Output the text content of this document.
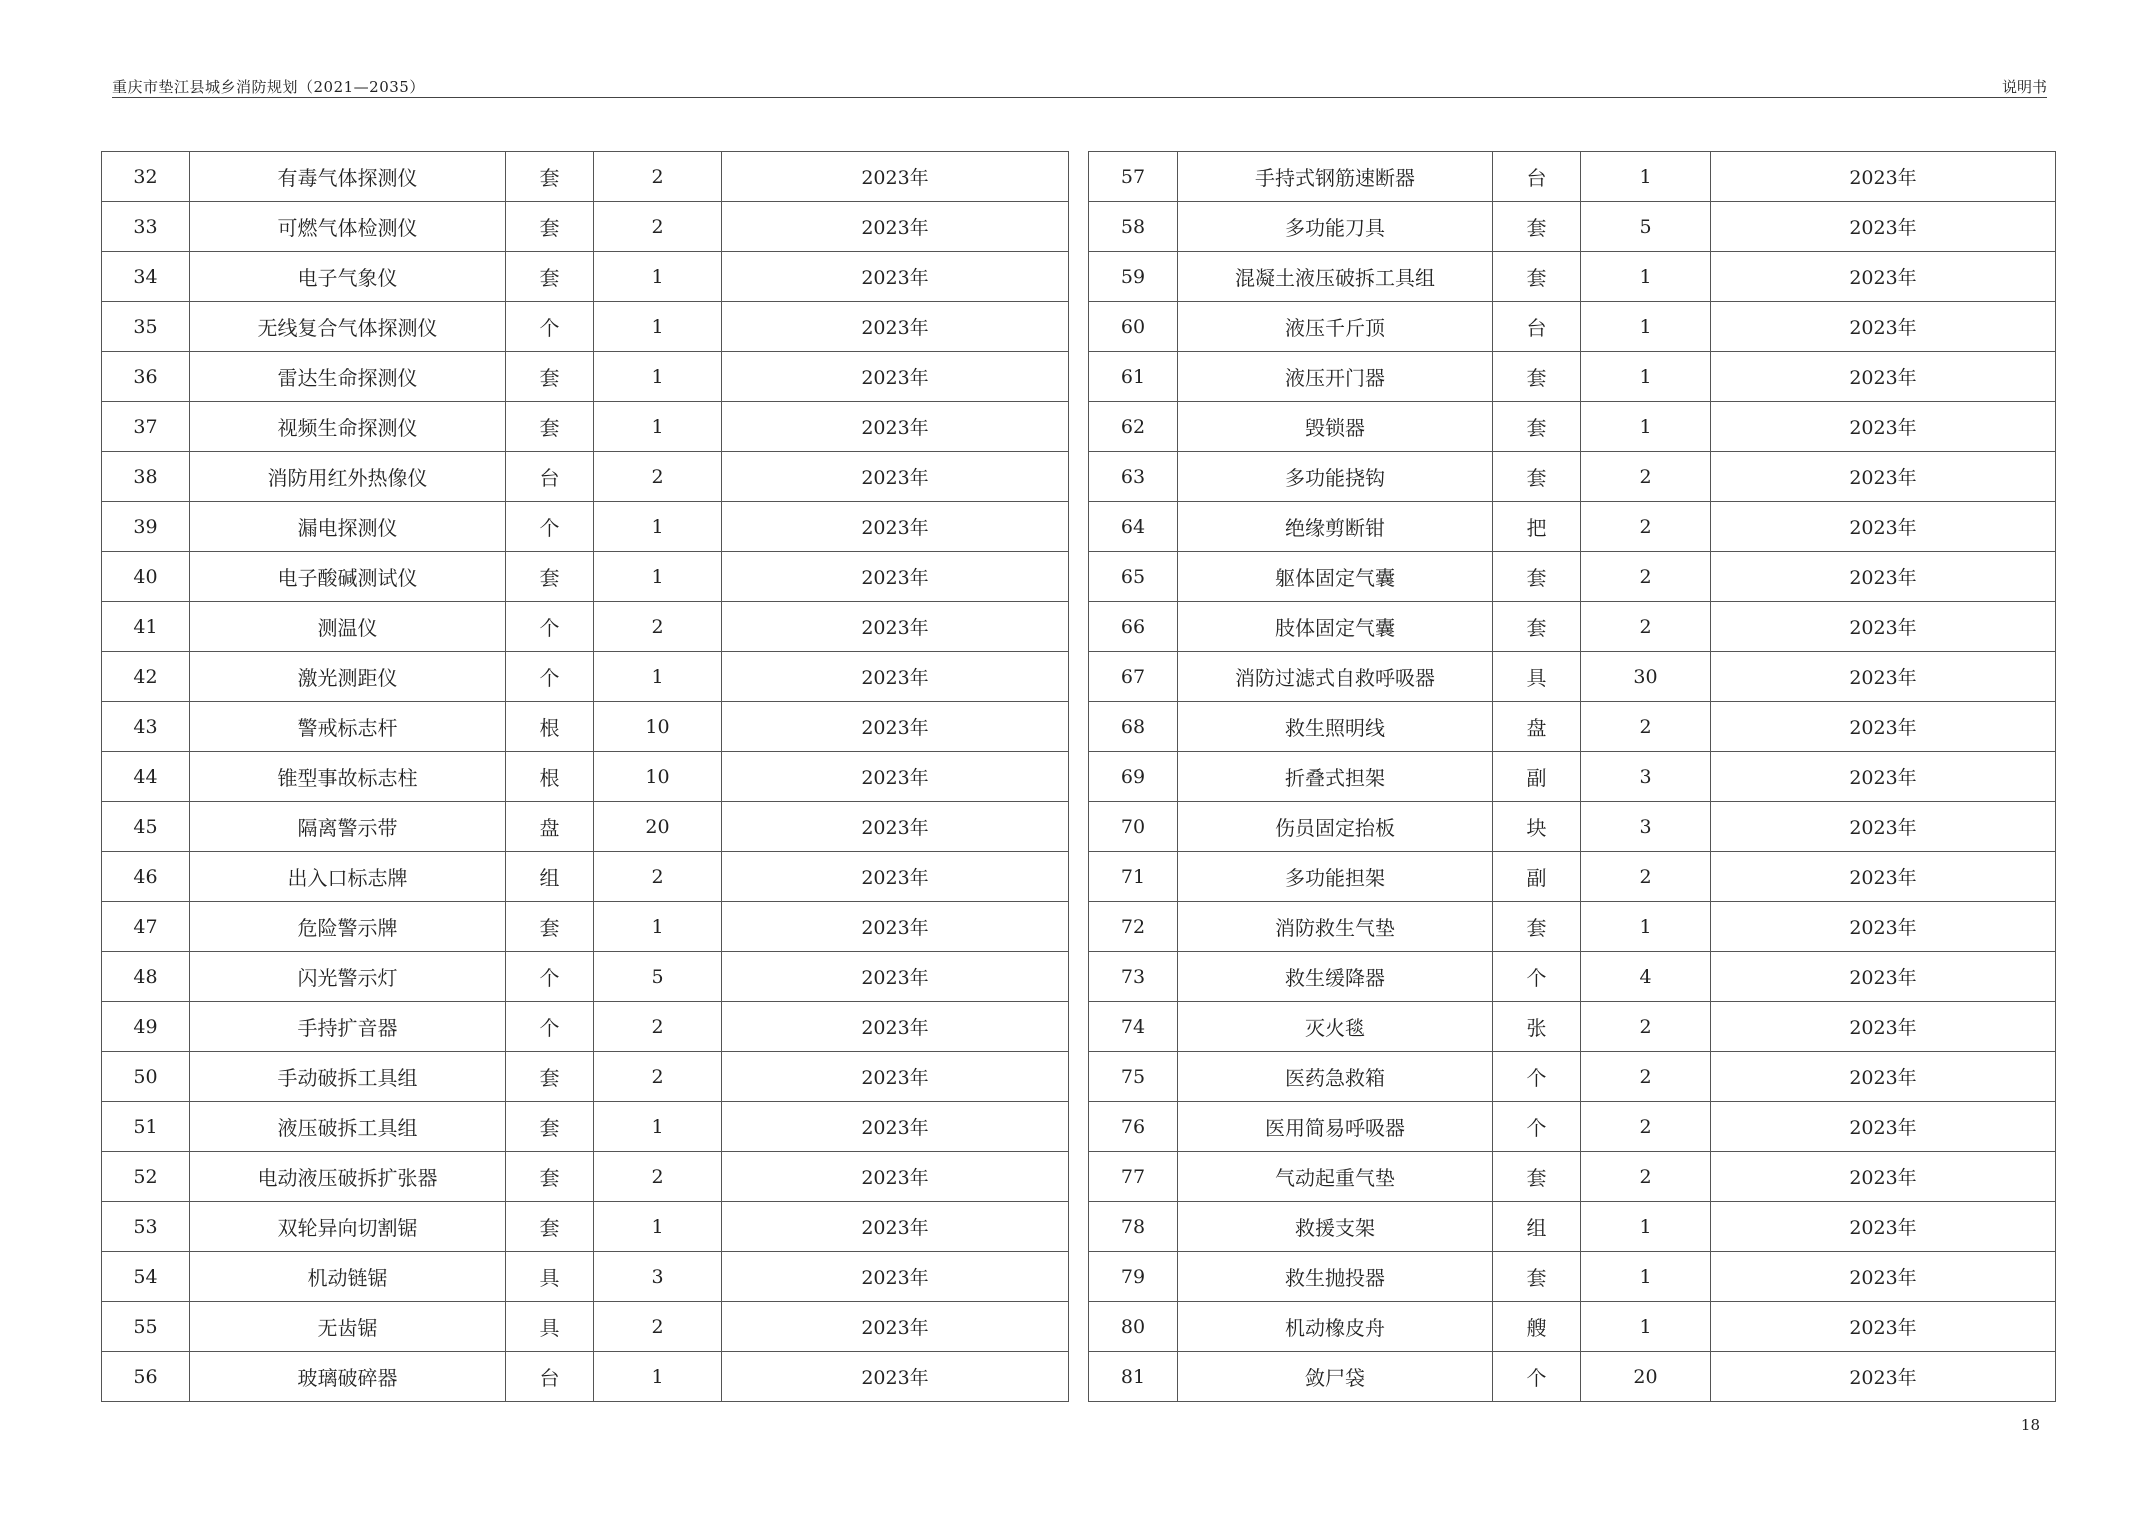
重庆市垫江县城乡消防规划（2021—2035）	说明书
32	有毒气体探测仪	套	2	2023年
33	可燃气体检测仪	套	2	2023年
34	电子气象仪	套	1	2023年
35	无线复合气体探测仪	个	1	2023年
36	雷达生命探测仪	套	1	2023年
37	视频生命探测仪	套	1	2023年
38	消防用红外热像仪	台	2	2023年
39	漏电探测仪	个	1	2023年
40	电子酸碱测试仪	套	1	2023年
41	测温仪	个	2	2023年
42	激光测距仪	个	1	2023年
43	警戒标志杆	根	10	2023年
44	锥型事故标志柱	根	10	2023年
45	隔离警示带	盘	20	2023年
46	出入口标志牌	组	2	2023年
47	危险警示牌	套	1	2023年
48	闪光警示灯	个	5	2023年
49	手持扩音器	个	2	2023年
50	手动破拆工具组	套	2	2023年
51	液压破拆工具组	套	1	2023年
52	电动液压破拆扩张器	套	2	2023年
53	双轮异向切割锯	套	1	2023年
54	机动链锯	具	3	2023年
55	无齿锯	具	2	2023年
56	玻璃破碎器	台	1	2023年
57	手持式钢筋速断器	台	1	2023年
58	多功能刀具	套	5	2023年
59	混凝土液压破拆工具组	套	1	2023年
60	液压千斤顶	台	1	2023年
61	液压开门器	套	1	2023年
62	毁锁器	套	1	2023年
63	多功能挠钩	套	2	2023年
64	绝缘剪断钳	把	2	2023年
65	躯体固定气囊	套	2	2023年
66	肢体固定气囊	套	2	2023年
67	消防过滤式自救呼吸器	具	30	2023年
68	救生照明线	盘	2	2023年
69	折叠式担架	副	3	2023年
70	伤员固定抬板	块	3	2023年
71	多功能担架	副	2	2023年
72	消防救生气垫	套	1	2023年
73	救生缓降器	个	4	2023年
74	灭火毯	张	2	2023年
75	医药急救箱	个	2	2023年
76	医用简易呼吸器	个	2	2023年
77	气动起重气垫	套	2	2023年
78	救援支架	组	1	2023年
79	救生抛投器	套	1	2023年
80	机动橡皮舟	艘	1	2023年
81	敛尸袋	个	20	2023年
18
